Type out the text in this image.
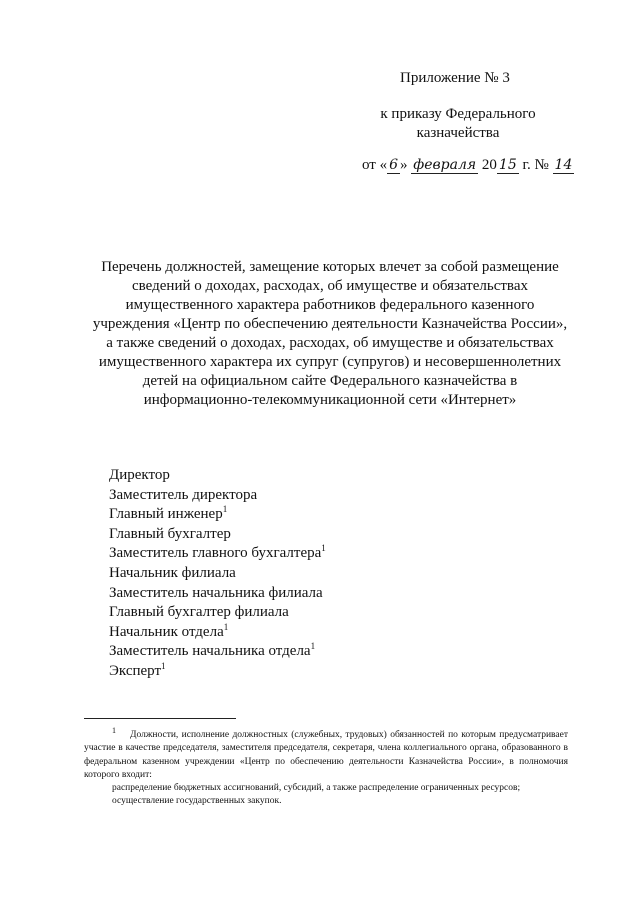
Приложение № 3
к приказу Федерального казначейства
от « 6 » февраля 20 15 г. № 14
Перечень должностей, замещение которых влечет за собой размещение сведений о доходах, расходах, об имуществе и обязательствах имущественного характера работников федерального казенного учреждения «Центр по обеспечению деятельности Казначейства России», а также сведений о доходах, расходах, об имуществе и обязательствах имущественного характера их супруг (супругов) и несовершеннолетних детей на официальном сайте Федерального казначейства в информационно-телекоммуникационной сети «Интернет»
Директор
Заместитель директора
Главный инженер$^1$
Главный бухгалтер
Заместитель главного бухгалтера$^1$
Начальник филиала
Заместитель начальника филиала
Главный бухгалтер филиала
Начальник отдела$^1$
Заместитель начальника отдела$^1$
Эксперт$^1$

$^1$ Должности, исполнение должностных (служебных, трудовых) обязанностей по которым предусматривает участие в качестве председателя, заместителя председателя, секретаря, члена коллегиального органа, образованного в федеральном казенном учреждении «Центр по обеспечению деятельности Казначейства России», в полномочия которого входит:

распределение бюджетных ассигнований, субсидий, а также распределение ограниченных ресурсов;

осуществление государственных закупок.
